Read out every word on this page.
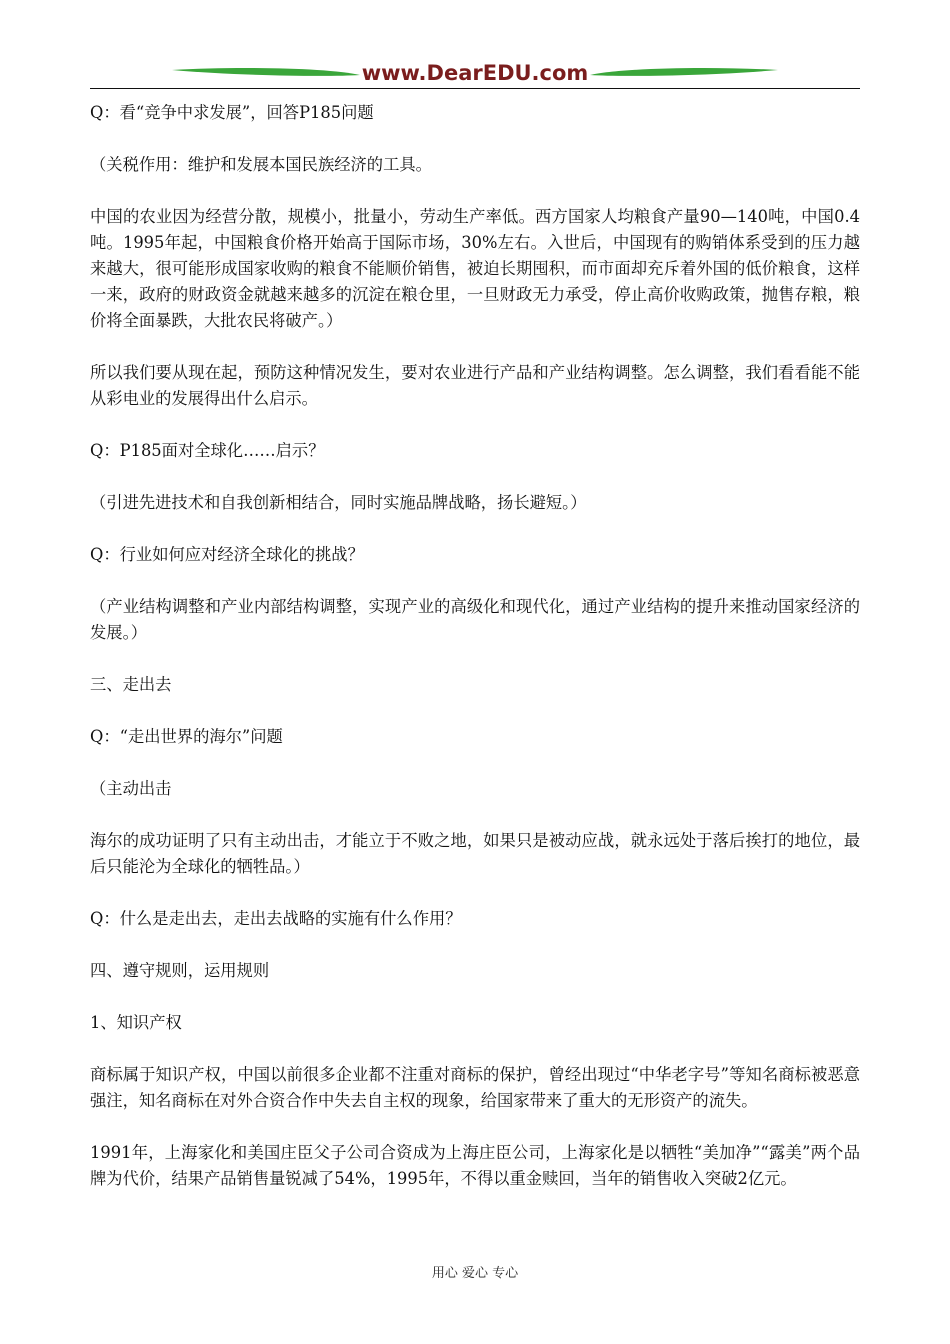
www.DearEDU.com

Q：看“竞争中求发展”，回答P185问题

（关税作用：维护和发展本国民族经济的工具。

中国的农业因为经营分散，规模小，批量小，劳动生产率低。西方国家人均粮食产量90—140吨，中国0.4吨。1995年起，中国粮食价格开始高于国际市场，30%左右。入世后，中国现有的购销体系受到的压力越来越大，很可能形成国家收购的粮食不能顺价销售，被迫长期囤积，而市面却充斥着外国的低价粮食，这样一来，政府的财政资金就越来越多的沉淀在粮仓里，一旦财政无力承受，停止高价收购政策，抛售存粮，粮价将全面暴跌，大批农民将破产。）

所以我们要从现在起，预防这种情况发生，要对农业进行产品和产业结构调整。怎么调整，我们看看能不能从彩电业的发展得出什么启示。

Q：P185面对全球化……启示？

（引进先进技术和自我创新相结合，同时实施品牌战略，扬长避短。）

Q：行业如何应对经济全球化的挑战？

（产业结构调整和产业内部结构调整，实现产业的高级化和现代化，通过产业结构的提升来推动国家经济的发展。）

三、走出去

Q：“走出世界的海尔”问题

（主动出击

海尔的成功证明了只有主动出击，才能立于不败之地，如果只是被动应战，就永远处于落后挨打的地位，最后只能沦为全球化的牺牲品。）

Q：什么是走出去，走出去战略的实施有什么作用？

四、遵守规则，运用规则

1、知识产权

商标属于知识产权，中国以前很多企业都不注重对商标的保护，曾经出现过“中华老字号”等知名商标被恶意强注，知名商标在对外合资合作中失去自主权的现象，给国家带来了重大的无形资产的流失。

1991年，上海家化和美国庄臣父子公司合资成为上海庄臣公司，上海家化是以牺牲“美加净”“露美”两个品牌为代价，结果产品销售量锐减了54%，1995年，不得以重金赎回，当年的销售收入突破2亿元。

用心 爱心 专心
